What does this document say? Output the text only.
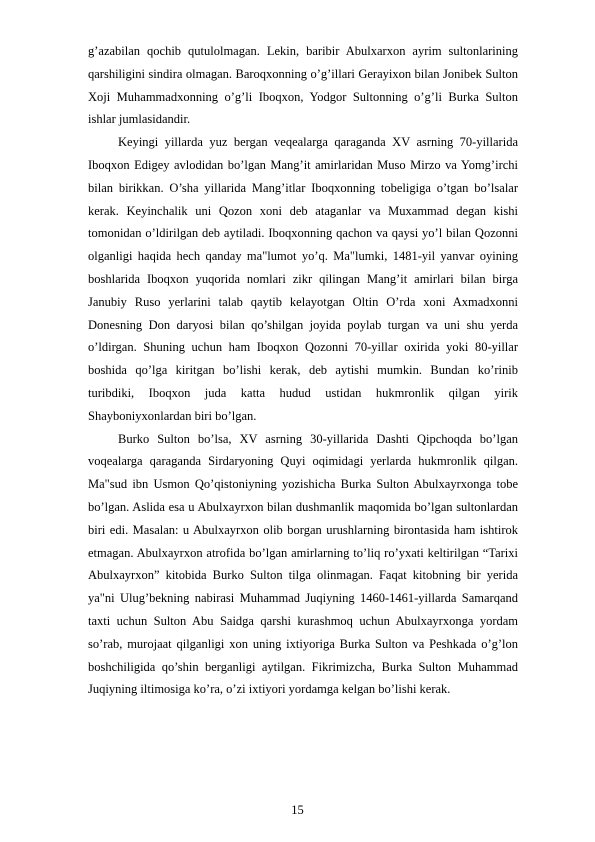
g’azabilan qochib qutulolmagan. Lekin, baribir Abulxarxon ayrim sultonlarining qarshiligini sindira olmagan. Baroqxonning o’g’illari Gerayixon bilan Jonibek Sulton Xoji Muhammadxonning o’g’li Iboqxon, Yodgor Sultonning o’g’li Burka Sulton ishlar jumlasidandir.

Keyingi yillarda yuz bergan veqealarga qaraganda XV asrning 70-yillarida Iboqxon Edigey avlodidan bo’lgan Mang’it amirlaridan Muso Mirzo va Yomg’irchi bilan birikkan. O’sha yillarida Mang’itlar Iboqxonning tobeligiga o’tgan bo’lsalar kerak. Keyinchalik uni Qozon xoni deb ataganlar va Muxammad degan kishi tomonidan o’ldirilgan deb aytiladi. Iboqxonning qachon va qaysi yo’l bilan Qozonni olganligi haqida hech qanday ma"lumot yo’q. Ma"lumki, 1481-yil yanvar oyining boshlarida Iboqxon yuqorida nomlari zikr qilingan Mang’it amirlari bilan birga Janubiy Ruso yerlarini talab qaytib kelayotgan Oltin O’rda xoni Axmadxonni Donesning Don daryosi bilan qo’shilgan joyida poylab turgan va uni shu yerda o’ldirgan. Shuning uchun ham Iboqxon Qozonni 70-yillar oxirida yoki 80-yillar boshida qo’lga kiritgan bo’lishi kerak, deb aytishi mumkin. Bundan ko’rinib turibdiki, Iboqxon juda katta hudud ustidan hukmronlik qilgan yirik Shayboniyxonlardan biri bo’lgan.

Burko Sulton bo’lsa, XV asrning 30-yillarida Dashti Qipchoqda bo’lgan voqealarga qaraganda Sirdaryoning Quyi oqimidagi yerlarda hukmronlik qilgan. Ma"sud ibn Usmon Qo’qistoniyning yozishicha Burka Sulton Abulxayrxonga tobe bo’lgan. Aslida esa u Abulxayrxon bilan dushmanlik maqomida bo’lgan sultonlardan biri edi. Masalan: u Abulxayrxon olib borgan urushlarning birontasida ham ishtirok etmagan. Abulxayrxon atrofida bo’lgan amirlarning to’liq ro’yxati keltirilgan “Tarixi Abulxayrxon” kitobida Burko Sulton tilga olinmagan. Faqat kitobning bir yerida ya"ni Ulug’bekning nabirasi Muhammad Juqiyning 1460-1461-yillarda Samarqand taxti uchun Sulton Abu Saidga qarshi kurashmoq uchun Abulxayrxonga yordam so’rab, murojaat qilganligi xon uning ixtiyoriga Burka Sulton va Peshkada o’g’lon boshchiligida qo’shin berganligi aytilgan. Fikrimizcha, Burka Sulton Muhammad Juqiyning iltimosiga ko’ra, o’zi ixtiyori yordamga kelgan bo’lishi kerak.

15
